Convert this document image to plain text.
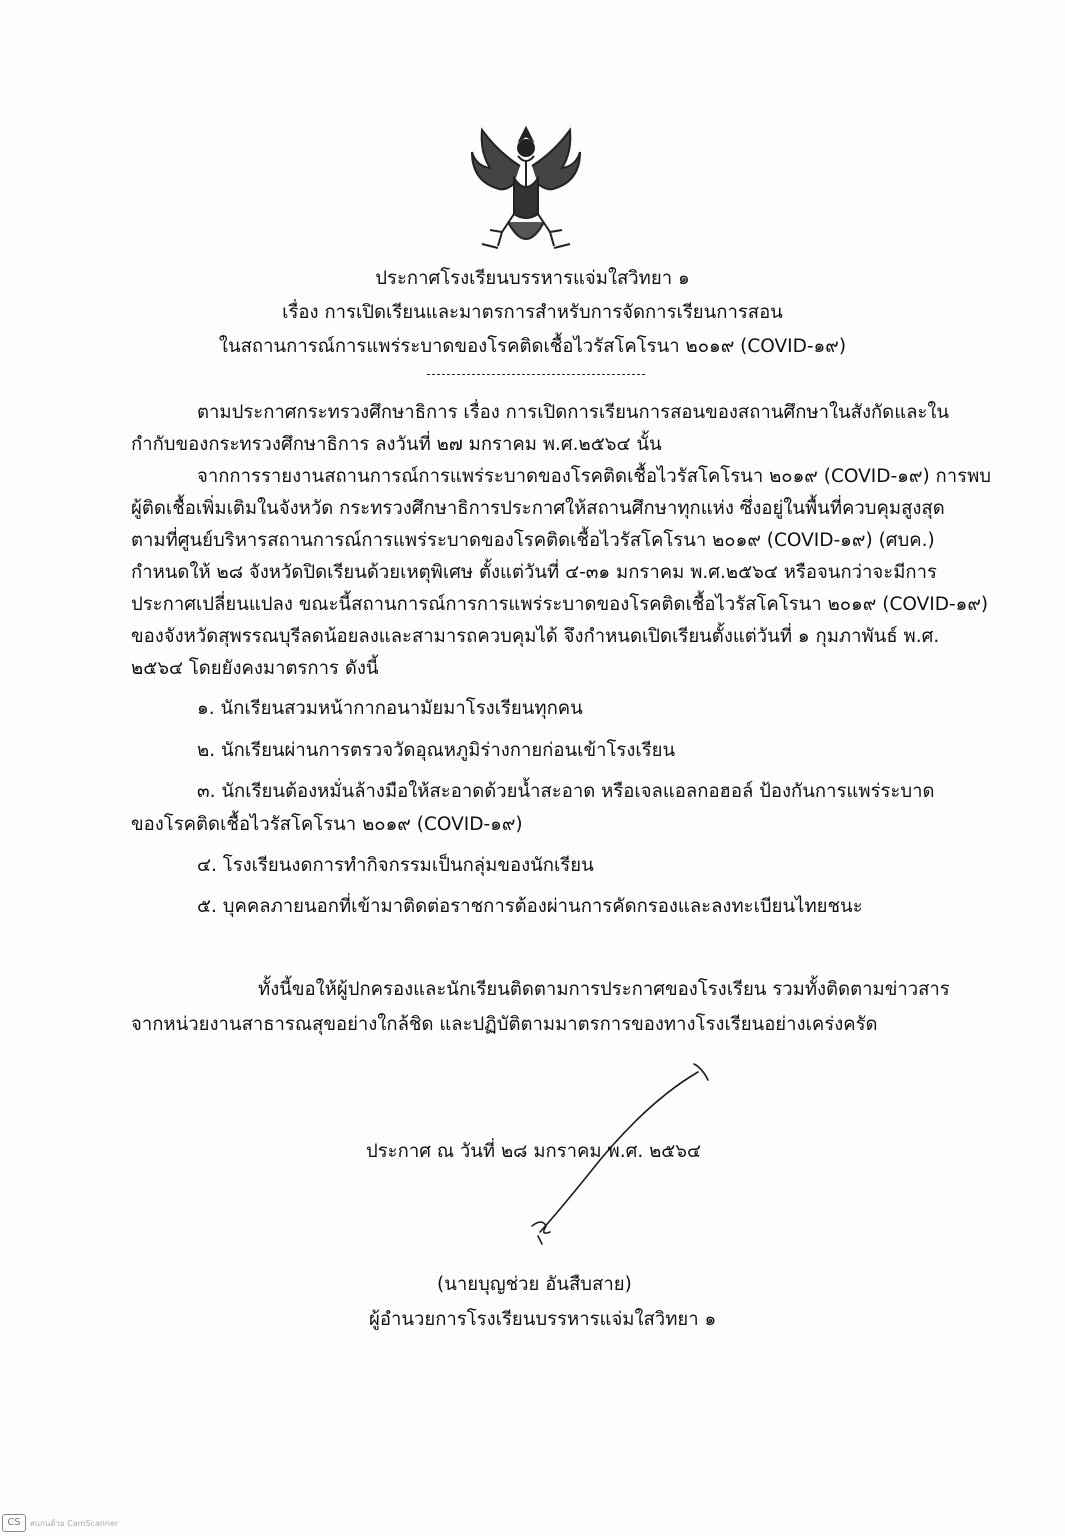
ประกาศโรงเรียนบรรหารแจ่มใสวิทยา ๑
เรื่อง การเปิดเรียนและมาตรการสำหรับการจัดการเรียนการสอน
ในสถานการณ์การแพร่ระบาดของโรคติดเชื้อไวรัสโคโรนา ๒๐๑๙ (COVID-๑๙)
ตามประกาศกระทรวงศึกษาธิการ เรื่อง การเปิดการเรียนการสอนของสถานศึกษาในสังกัดและใน
กำกับของกระทรวงศึกษาธิการ ลงวันที่ ๒๗ มกราคม พ.ศ.๒๕๖๔ นั้น
จากการรายงานสถานการณ์การแพร่ระบาดของโรคติดเชื้อไวรัสโคโรนา ๒๐๑๙ (COVID-๑๙) การพบ
ผู้ติดเชื้อเพิ่มเติมในจังหวัด กระทรวงศึกษาธิการประกาศให้สถานศึกษาทุกแห่ง ซึ่งอยู่ในพื้นที่ควบคุมสูงสุด
ตามที่ศูนย์บริหารสถานการณ์การแพร่ระบาดของโรคติดเชื้อไวรัสโคโรนา ๒๐๑๙ (COVID-๑๙) (ศบค.)
กำหนดให้ ๒๘ จังหวัดปิดเรียนด้วยเหตุพิเศษ ตั้งแต่วันที่ ๔-๓๑ มกราคม พ.ศ.๒๕๖๔ หรือจนกว่าจะมีการ
ประกาศเปลี่ยนแปลง ขณะนี้สถานการณ์การการแพร่ระบาดของโรคติดเชื้อไวรัสโคโรนา ๒๐๑๙ (COVID-๑๙)
ของจังหวัดสุพรรณบุรีลดน้อยลงและสามารถควบคุมได้ จึงกำหนดเปิดเรียนตั้งแต่วันที่ ๑ กุมภาพันธ์ พ.ศ.
๒๕๖๔ โดยยังคงมาตรการ ดังนี้
๑. นักเรียนสวมหน้ากากอนามัยมาโรงเรียนทุกคน
๒. นักเรียนผ่านการตรวจวัดอุณหภูมิร่างกายก่อนเข้าโรงเรียน
๓. นักเรียนต้องหมั่นล้างมือให้สะอาดด้วยน้ำสะอาด หรือเจลแอลกอฮอล์ ป้องกันการแพร่ระบาด
ของโรคติดเชื้อไวรัสโคโรนา ๒๐๑๙ (COVID-๑๙)
๔. โรงเรียนงดการทำกิจกรรมเป็นกลุ่มของนักเรียน
๕. บุคคลภายนอกที่เข้ามาติดต่อราชการต้องผ่านการคัดกรองและลงทะเบียนไทยชนะ
ทั้งนี้ขอให้ผู้ปกครองและนักเรียนติดตามการประกาศของโรงเรียน รวมทั้งติดตามข่าวสาร
จากหน่วยงานสาธารณสุขอย่างใกล้ชิด และปฏิบัติตามมาตรการของทางโรงเรียนอย่างเคร่งครัด
ประกาศ ณ วันที่ ๒๘ มกราคม พ.ศ. ๒๕๖๔
(นายบุญช่วย อันสืบสาย)
ผู้อำนวยการโรงเรียนบรรหารแจ่มใสวิทยา ๑
CS	สแกนด้วย CamScanner
